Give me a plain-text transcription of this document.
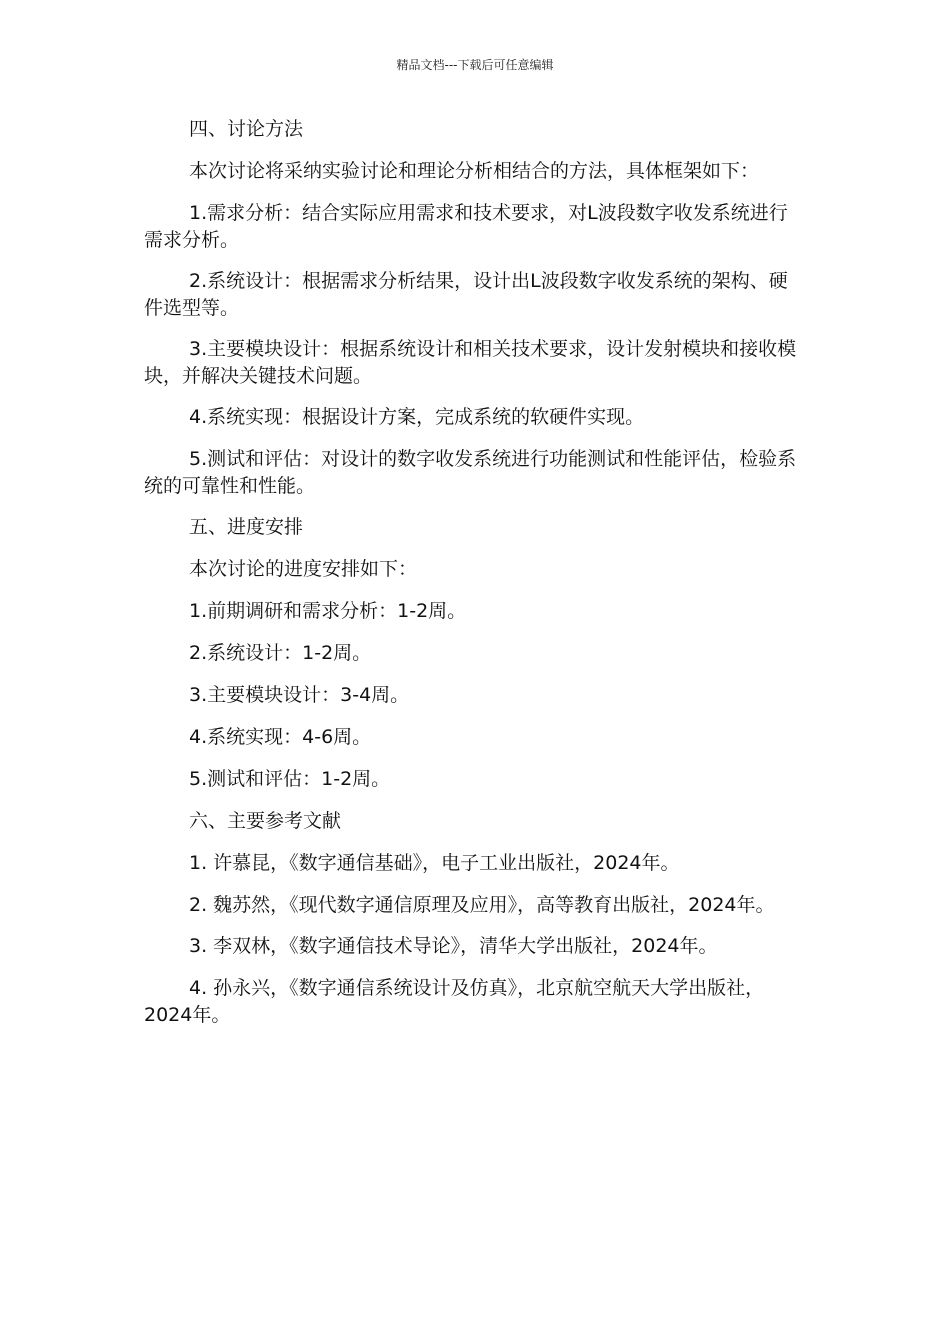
精品文档---下载后可任意编辑

四、讨论方法

本次讨论将采纳实验讨论和理论分析相结合的方法，具体框架如下：

1.需求分析：结合实际应用需求和技术要求，对L波段数字收发系统进行需求分析。

2.系统设计：根据需求分析结果，设计出L波段数字收发系统的架构、硬件选型等。

3.主要模块设计：根据系统设计和相关技术要求，设计发射模块和接收模块，并解决关键技术问题。

4.系统实现：根据设计方案，完成系统的软硬件实现。

5.测试和评估：对设计的数字收发系统进行功能测试和性能评估，检验系统的可靠性和性能。

五、进度安排

本次讨论的进度安排如下：

1.前期调研和需求分析：1-2周。

2.系统设计：1-2周。

3.主要模块设计：3-4周。

4.系统实现：4-6周。

5.测试和评估：1-2周。

六、主要参考文献

1. 许慕昆，《数字通信基础》，电子工业出版社，2024年。

2. 魏苏然，《现代数字通信原理及应用》，高等教育出版社，2024年。

3. 李双林，《数字通信技术导论》，清华大学出版社，2024年。

4. 孙永兴，《数字通信系统设计及仿真》，北京航空航天大学出版社，2024年。
